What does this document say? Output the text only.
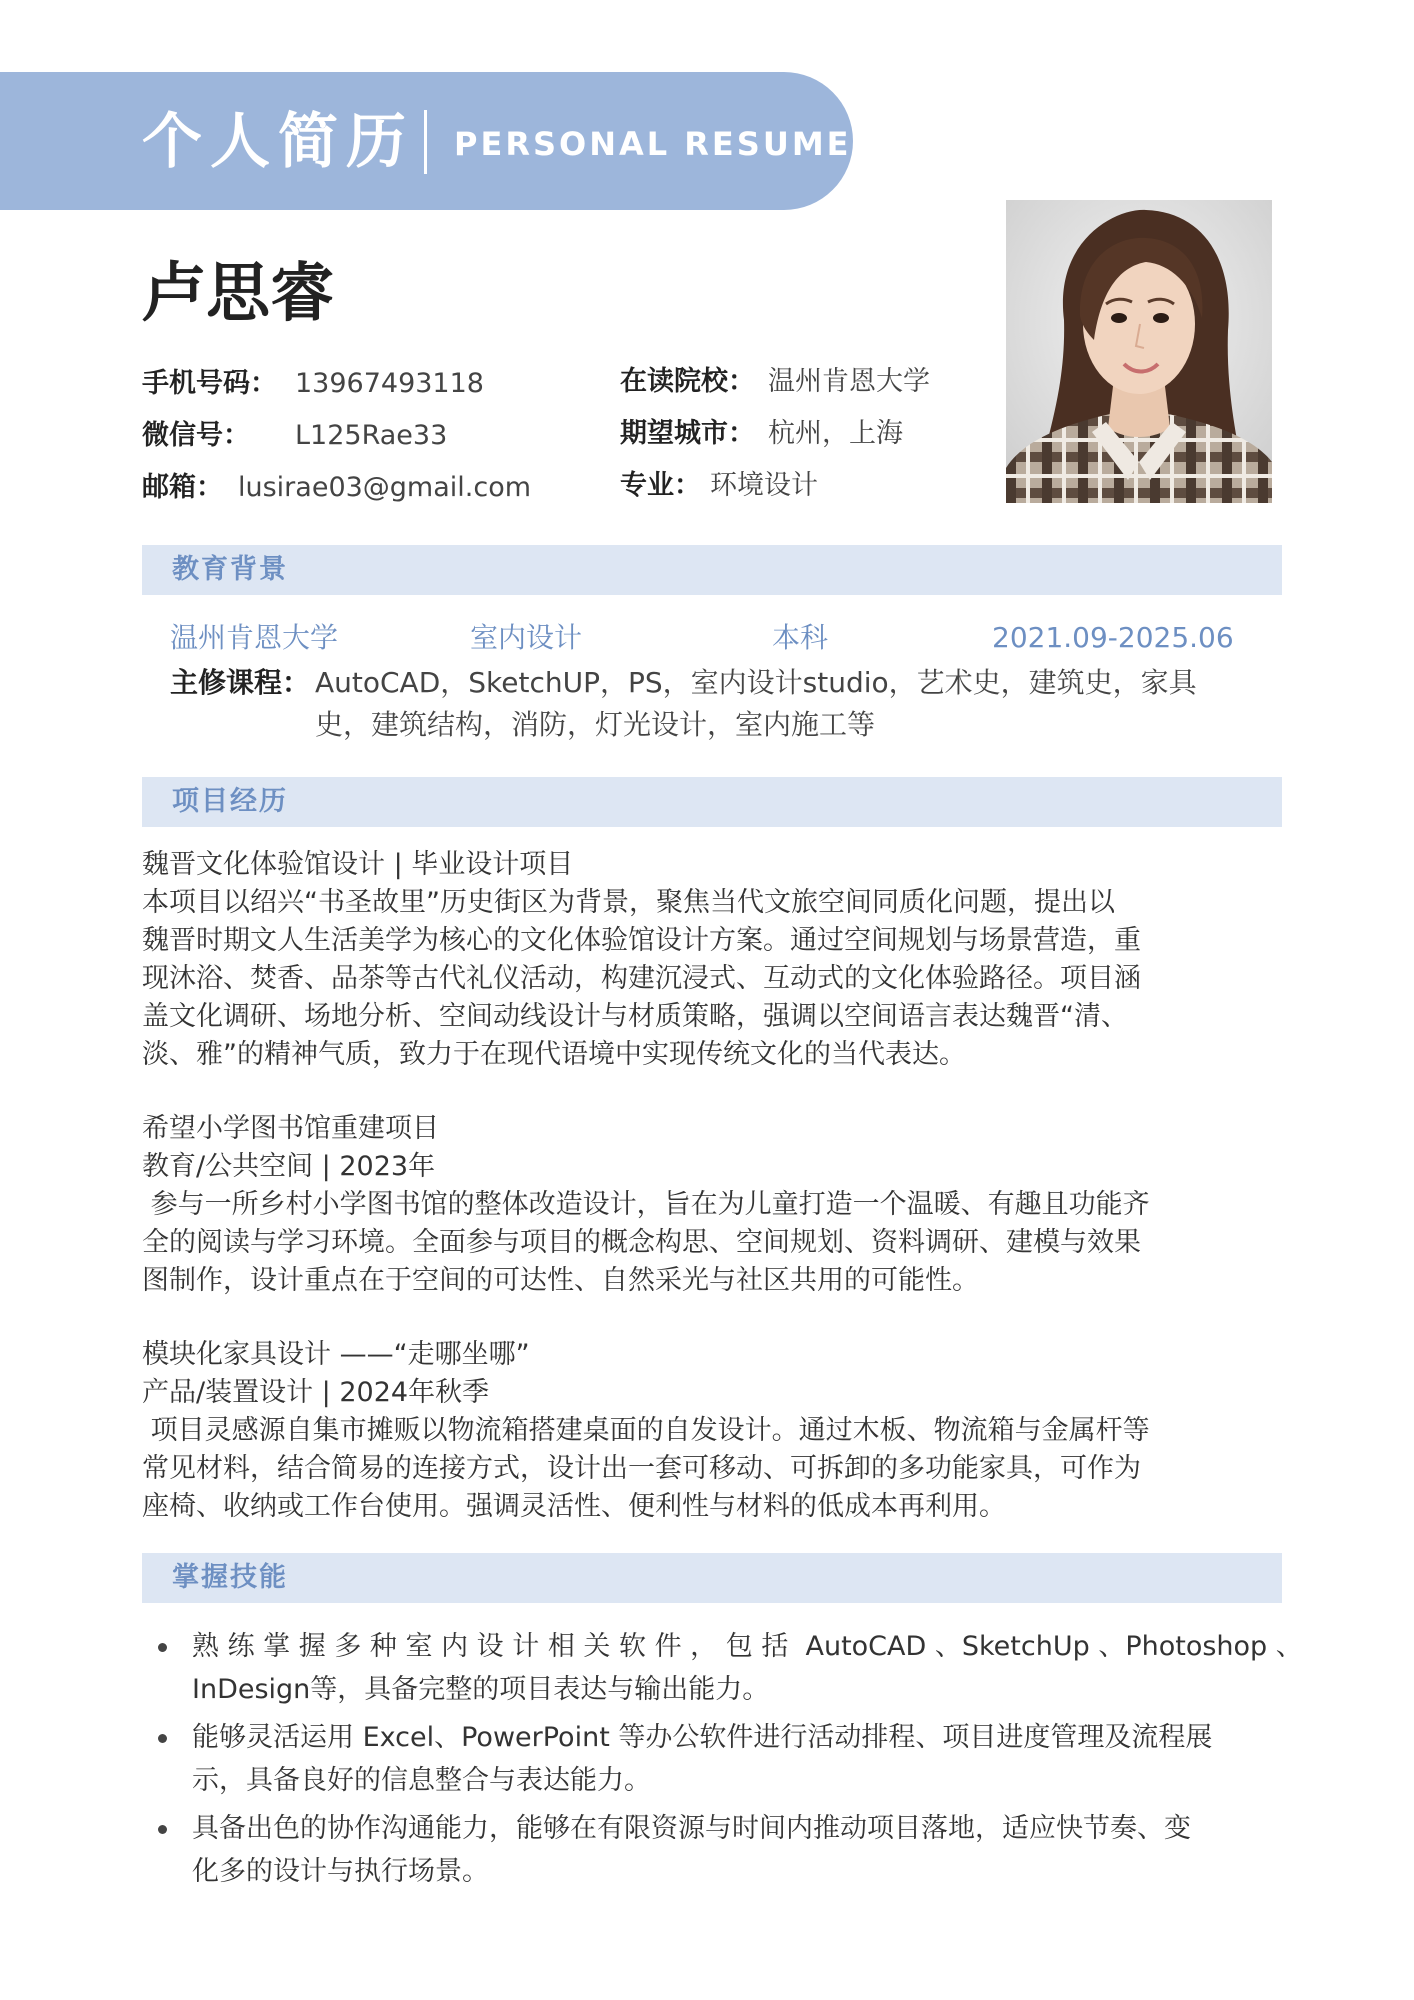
个人简历 PERSONAL RESUME
卢思睿
手机号码： 13967493118
微信号： L125Rae33
邮箱： lusirae03@gmail.com
在读院校： 温州肯恩大学
期望城市： 杭州，上海
专业： 环境设计
教育背景
温州肯恩大学	室内设计	本科	2021.09-2025.06
主修课程： AutoCAD，SketchUP，PS，室内设计studio，艺术史，建筑史，家具
史，建筑结构，消防，灯光设计，室内施工等
项目经历
魏晋文化体验馆设计 | 毕业设计项目
本项目以绍兴“书圣故里”历史街区为背景，聚焦当代文旅空间同质化问题，提出以
魏晋时期文人生活美学为核心的文化体验馆设计方案。通过空间规划与场景营造，重
现沐浴、焚香、品茶等古代礼仪活动，构建沉浸式、互动式的文化体验路径。项目涵
盖文化调研、场地分析、空间动线设计与材质策略，强调以空间语言表达魏晋“清、
淡、雅”的精神气质，致力于在现代语境中实现传统文化的当代表达。
希望小学图书馆重建项目
教育/公共空间 | 2023年
参与一所乡村小学图书馆的整体改造设计，旨在为儿童打造一个温暖、有趣且功能齐
全的阅读与学习环境。全面参与项目的概念构思、空间规划、资料调研、建模与效果
图制作，设计重点在于空间的可达性、自然采光与社区共用的可能性。
模块化家具设计 ——“走哪坐哪”
产品/装置设计 | 2024年秋季
项目灵感源自集市摊贩以物流箱搭建桌面的自发设计。通过木板、物流箱与金属杆等
常见材料，结合简易的连接方式，设计出一套可移动、可拆卸的多功能家具，可作为
座椅、收纳或工作台使用。强调灵活性、便利性与材料的低成本再利用。
掌握技能
熟 练 掌 握 多 种 室 内 设 计 相 关 软 件 ， 包 括  AutoCAD 、SketchUp 、Photoshop 、
InDesign等，具备完整的项目表达与输出能力。
能够灵活运用 Excel、PowerPoint 等办公软件进行活动排程、项目进度管理及流程展
示，具备良好的信息整合与表达能力。
具备出色的协作沟通能力，能够在有限资源与时间内推动项目落地，适应快节奏、变
化多的设计与执行场景。
